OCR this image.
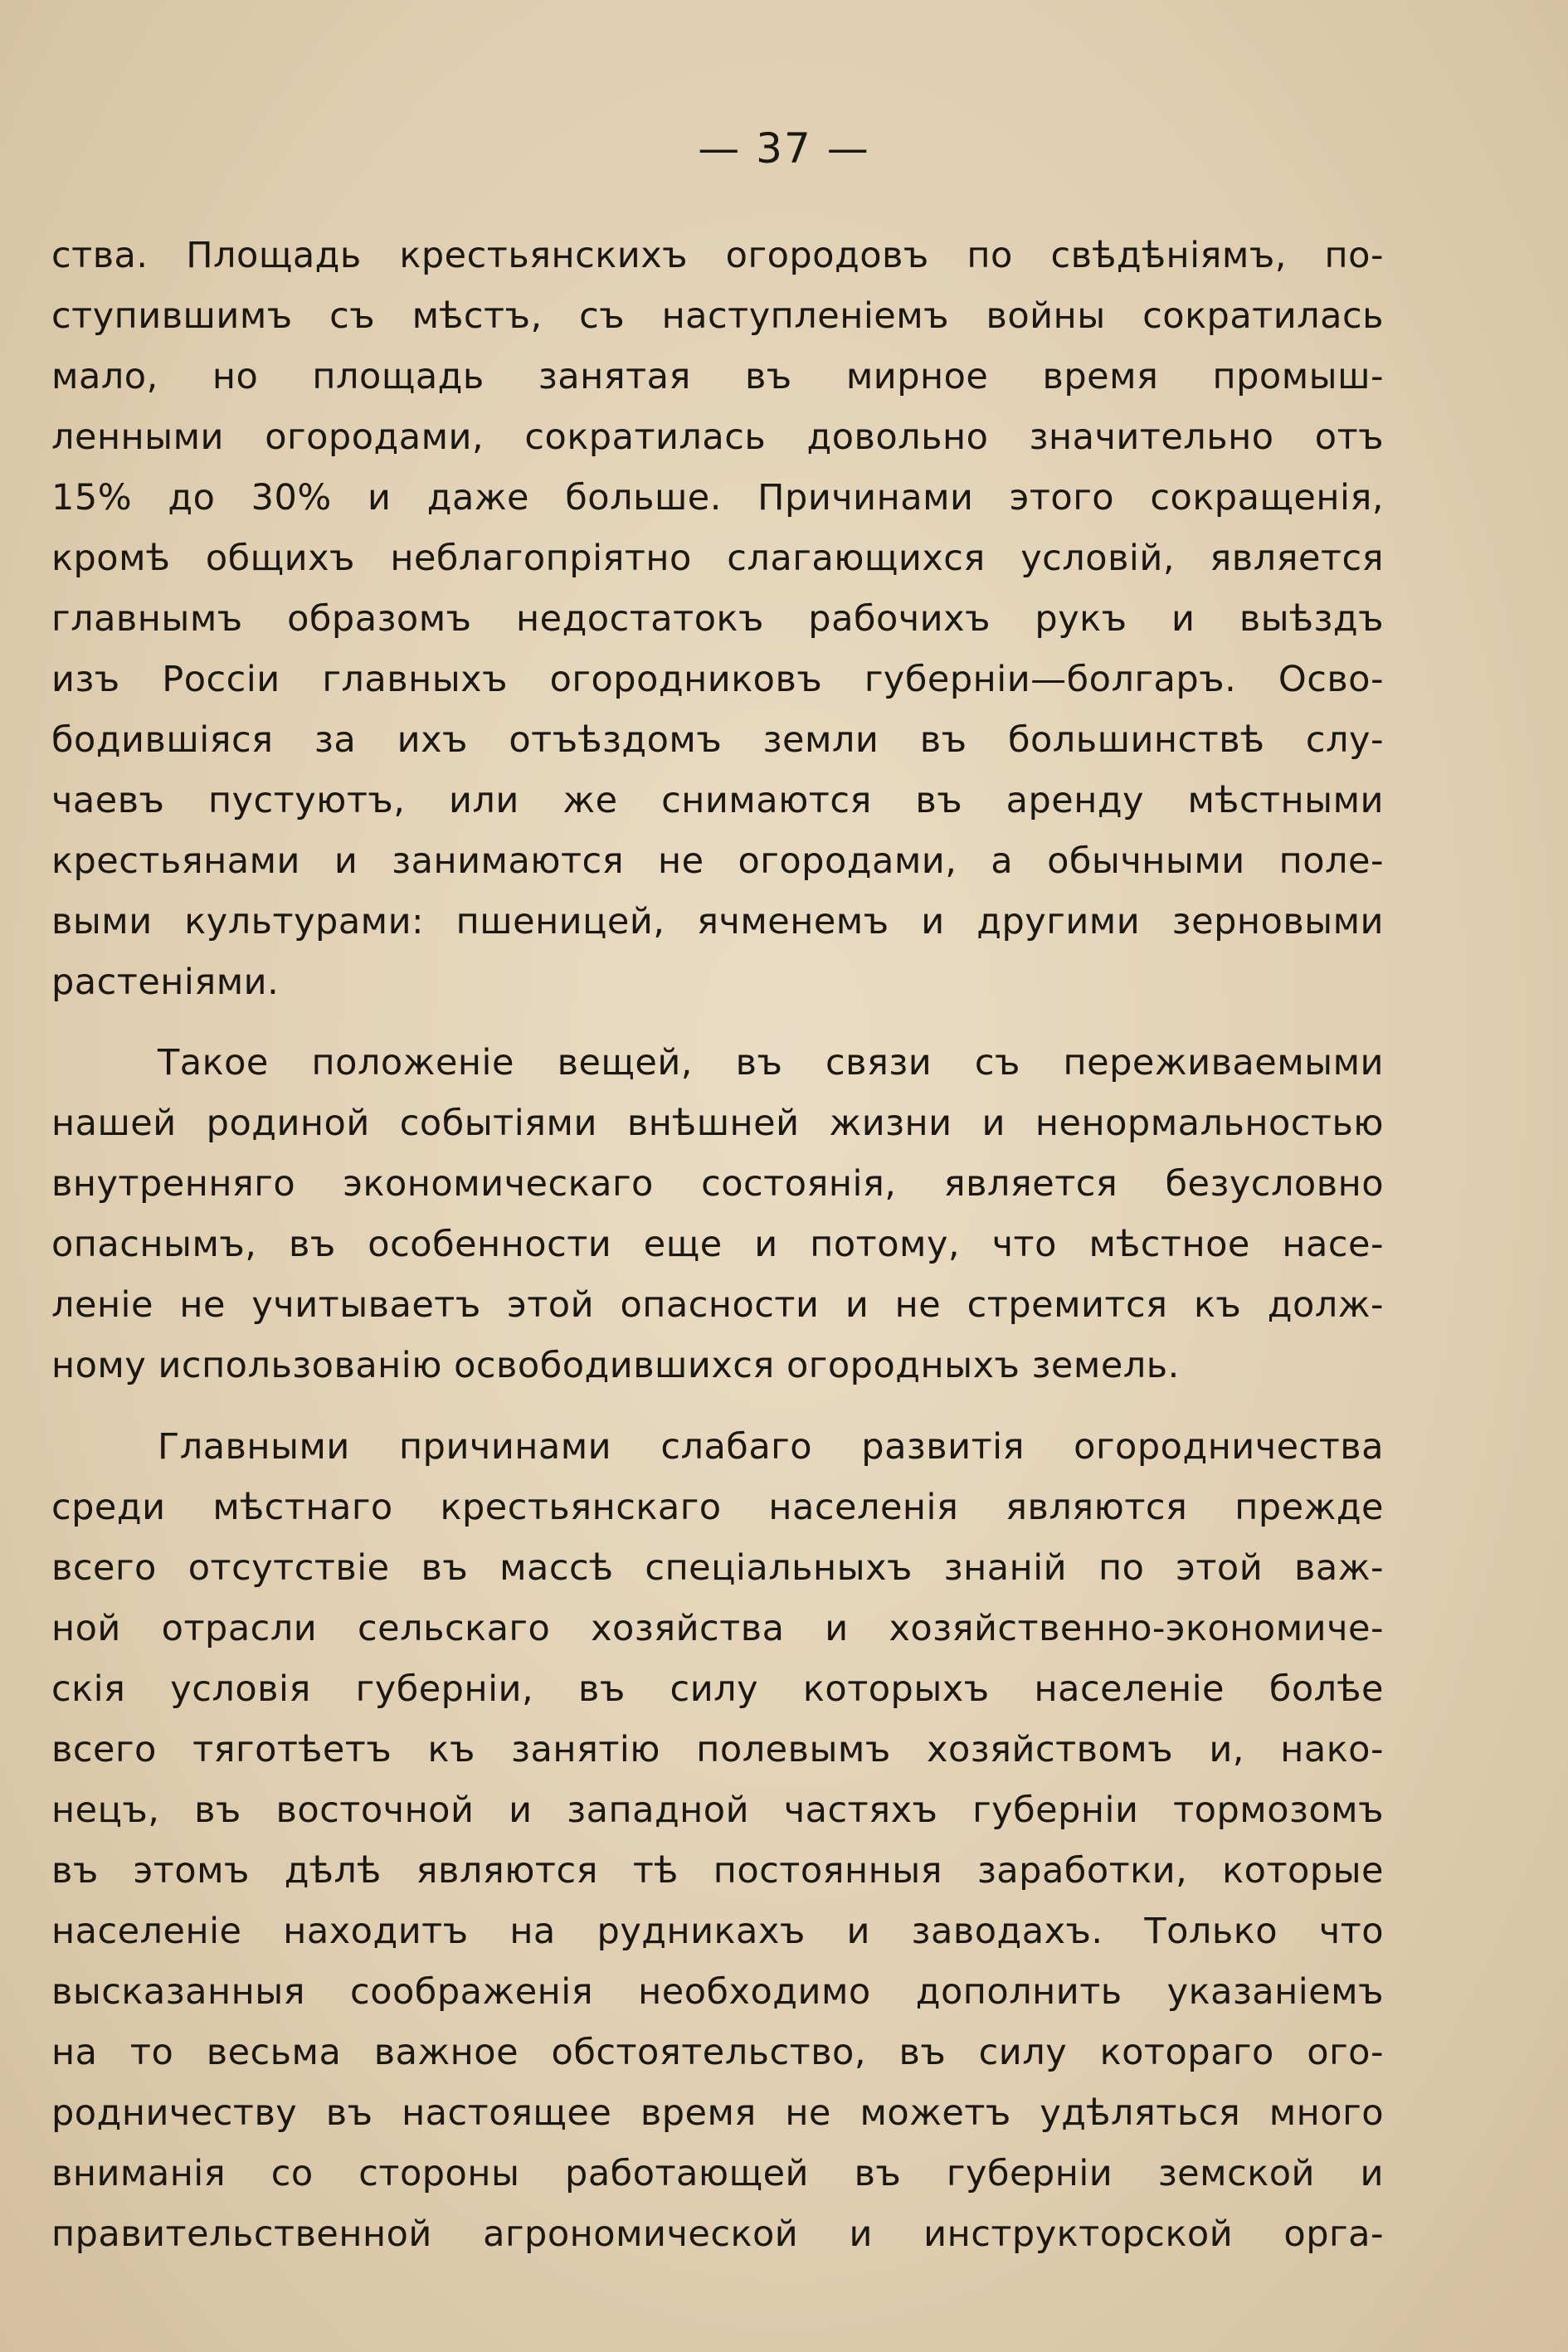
— 37 —
ства. Площадь крестьянскихъ огородовъ по свѣдѣніямъ, по-
ступившимъ съ мѣстъ, съ наступленіемъ войны сократилась
мало, но площадь занятая въ мирное время промыш-
ленными огородами, сократилась довольно значительно отъ
15% до 30% и даже больше. Причинами этого сокращенія,
кромѣ общихъ неблагопріятно слагающихся условій, является
главнымъ образомъ недостатокъ рабочихъ рукъ и выѣздъ
изъ Россіи главныхъ огородниковъ губерніи—болгаръ. Осво-
бодившіяся за ихъ отъѣздомъ земли въ большинствѣ слу-
чаевъ пустуютъ, или же снимаются въ аренду мѣстными
крестьянами и занимаются не огородами, а обычными поле-
выми культурами: пшеницей, ячменемъ и другими зерновыми
растеніями.
Такое положеніе вещей, въ связи съ переживаемыми
нашей родиной событіями внѣшней жизни и ненормальностью
внутренняго экономическаго состоянія, является безусловно
опаснымъ, въ особенности еще и потому, что мѣстное насе-
леніе не учитываетъ этой опасности и не стремится къ долж-
ному использованію освободившихся огородныхъ земель.
Главными причинами слабаго развитія огородничества
среди мѣстнаго крестьянскаго населенія являются прежде
всего отсутствіе въ массѣ спеціальныхъ знаній по этой важ-
ной отрасли сельскаго хозяйства и хозяйственно-экономиче-
скія условія губерніи, въ силу которыхъ населеніе болѣе
всего тяготѣетъ къ занятію полевымъ хозяйствомъ и, нако-
нецъ, въ восточной и западной частяхъ губерніи тормозомъ
въ этомъ дѣлѣ являются тѣ постоянныя заработки, которые
населеніе находитъ на рудникахъ и заводахъ. Только что
высказанныя соображенія необходимо дополнить указаніемъ
на то весьма важное обстоятельство, въ силу котораго ого-
родничеству въ настоящее время не можетъ удѣляться много
вниманія со стороны работающей въ губерніи земской и
правительственной агрономической и инструкторской орга-
